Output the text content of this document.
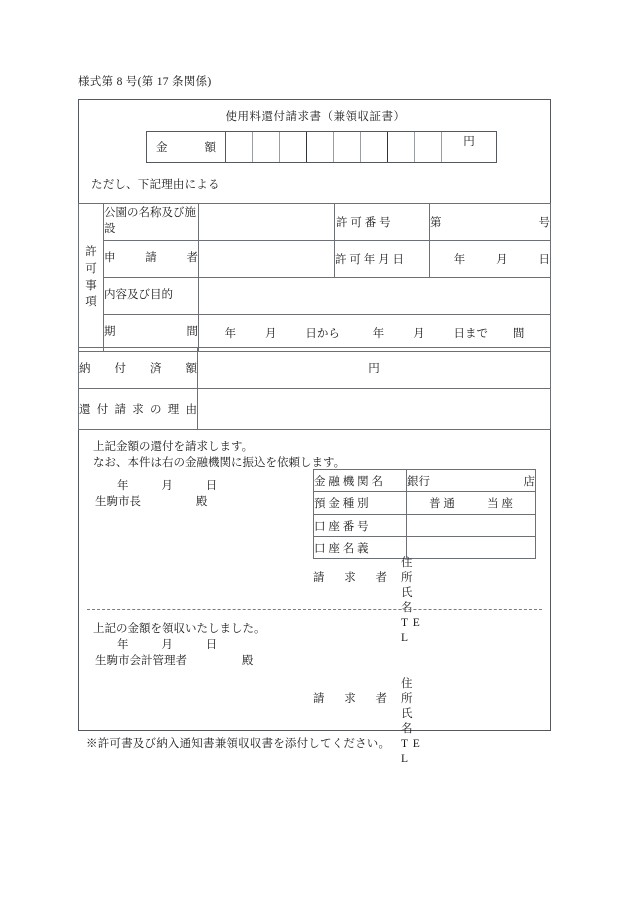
様式第 8 号(第 17 条関係)
使用料還付請求書（兼領収証書）
金	額	円
ただし、下記理由による
許
可
事
項	公園の名称及び施設		許 可 番 号	第 号

	申 請 者		許 可 年 月 日	年 月 日
	内容及び目的			

	期 間	年 月 日から 年 月 日まで 間		
納 付 済 額	円

還 付 請 求 の 理 由

上記金額の還付を請求します。
なお、本件は右の金融機関に振込を依頼します。
年	月	日
生駒市長	殿
金 融 機 関 名	銀行 店

預 金 種 別	普 通 当 座

口 座 番 号	
口 座 名 義	
請 求 者
住　所
氏　名
T E L
上記の金額を領収いたしました。
年	月	日
生駒市会計管理者	殿
請 求 者
住　所
氏　名
T E L
※許可書及び納入通知書兼領収収書を添付してください。
